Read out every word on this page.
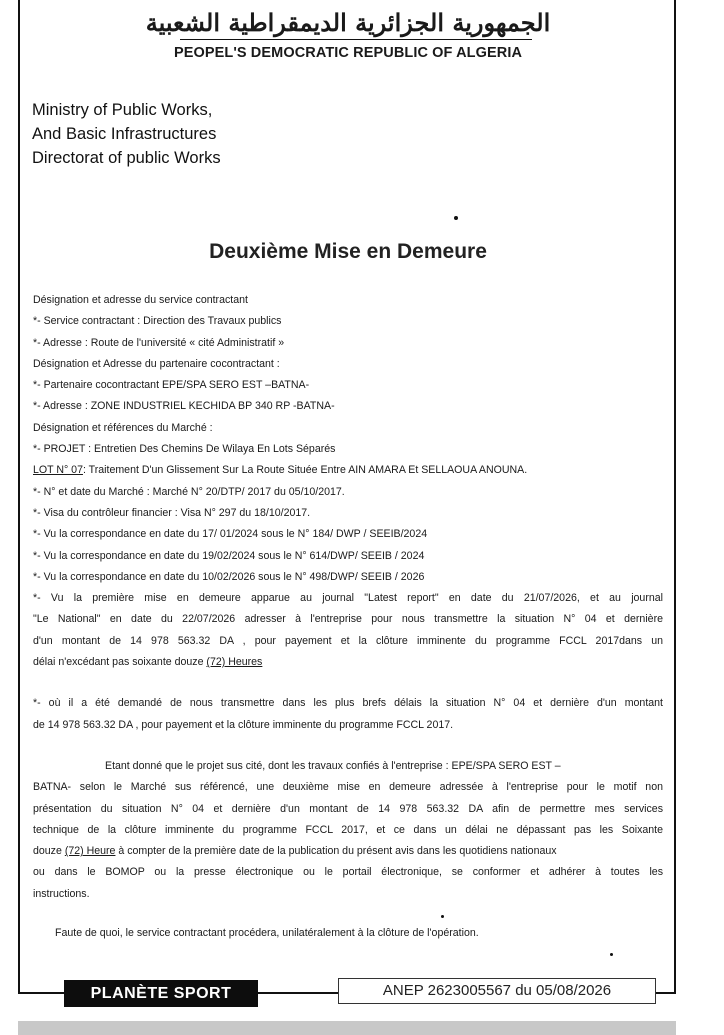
الجمهورية الجزائرية الديمقراطية الشعبية
PEOPEL'S DEMOCRATIC REPUBLIC OF ALGERIA
Ministry of Public Works,
And Basic Infrastructures
Directorat of public Works
Deuxième Mise en Demeure
Désignation et adresse du service contractant
*- Service contractant : Direction des Travaux publics
*- Adresse : Route de l'université « cité Administratif »
Désignation et Adresse du partenaire cocontractant :
*- Partenaire cocontractant EPE/SPA SERO EST –BATNA-
*- Adresse : ZONE INDUSTRIEL KECHIDA BP 340 RP -BATNA-
Désignation et références du Marché :
*- PROJET : Entretien Des Chemins De Wilaya En Lots Séparés
LOT N° 07: Traitement D'un Glissement Sur La Route Située Entre AIN AMARA Et SELLAOUA ANOUNA.
*- N° et date du Marché : Marché N° 20/DTP/ 2017 du 05/10/2017.
*- Visa du contrôleur financier : Visa N° 297 du 18/10/2017.
*- Vu la correspondance en date du 17/ 01/2024 sous le N° 184/ DWP / SEEIB/2024
*- Vu la correspondance en date du 19/02/2024 sous le N° 614/DWP/ SEEIB / 2024
*- Vu la correspondance en date du 10/02/2026 sous le N° 498/DWP/ SEEIB / 2026
*- Vu la première mise en demeure apparue au journal "Latest report" en date du 21/07/2026, et au journal
"Le National" en date du 22/07/2026 adresser à l'entreprise pour nous transmettre la situation N° 04 et dernière
d'un montant de 14 978 563.32 DA , pour payement et la clôture imminente du programme FCCL 2017dans un
délai n'excédant pas soixante douze (72) Heures
*- où il a été demandé de nous transmettre dans les plus brefs délais la situation N° 04 et dernière d'un montant
de 14 978 563.32 DA , pour payement et la clôture imminente du programme FCCL 2017.
Etant donné que le projet sus cité, dont les travaux confiés à l'entreprise : EPE/SPA SERO EST –
BATNA- selon le Marché sus référencé, une deuxième mise en demeure adressée à l'entreprise pour le motif non
présentation du situation N° 04 et dernière d'un montant de 14 978 563.32 DA afin de permettre mes services
technique de la clôture imminente du programme FCCL 2017, et ce dans un délai ne dépassant pas les Soixante
douze (72) Heure à compter de la première date de la publication du présent avis dans les quotidiens nationaux
ou dans le BOMOP ou la presse électronique ou le portail électronique, se conformer et adhérer à toutes les
instructions.
Faute de quoi, le service contractant procédera, unilatéralement à la clôture de l'opération.
PLANÈTE SPORT	ANEP 2623005567 du 05/08/2026
